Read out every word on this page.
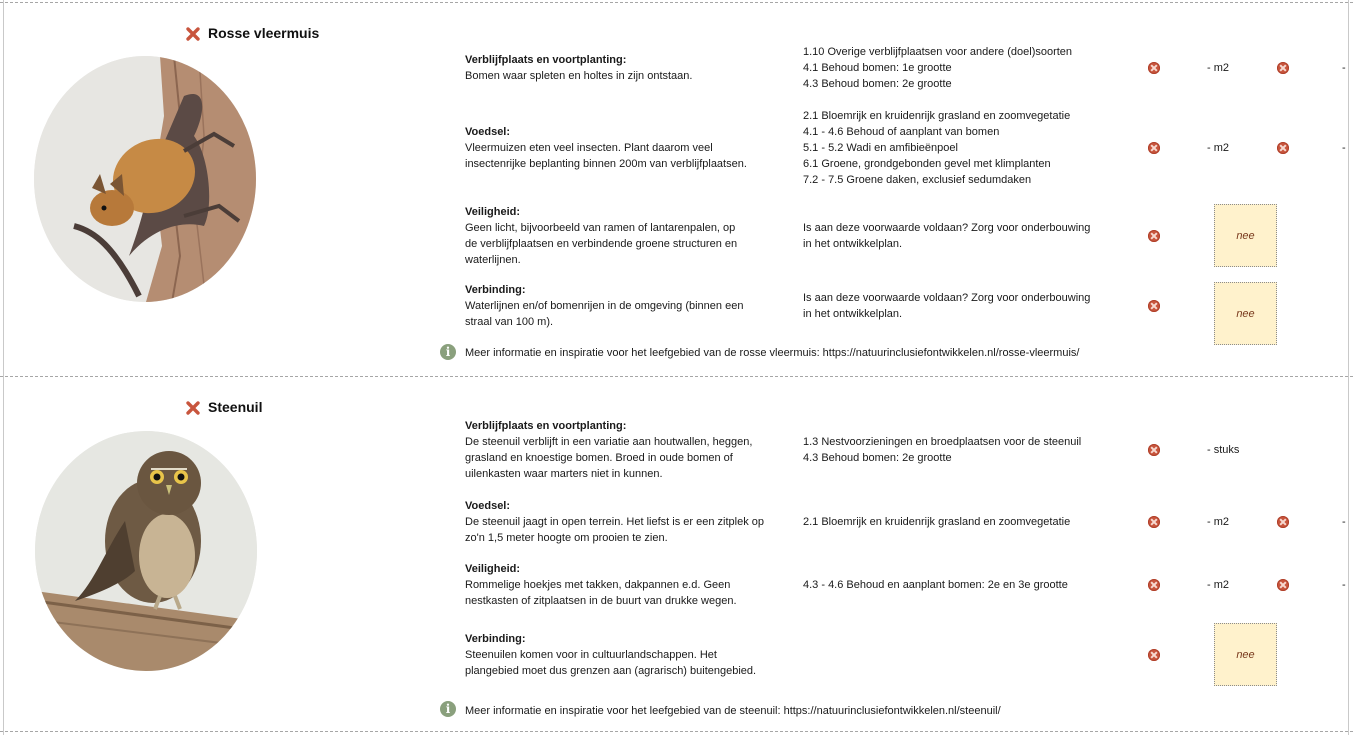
Rosse vleermuis
Verblijfplaats en voortplanting:
Bomen waar spleten en holtes in zijn ontstaan.
1.10 Overige verblijfplaatsen voor andere (doel)soorten
4.1 Behoud bomen: 1e grootte
4.3 Behoud bomen: 2e grootte
- m2	-
Voedsel:
Vleermuizen eten veel insecten. Plant daarom veel
insectenrijke beplanting binnen 200m van verblijfplaatsen.
2.1 Bloemrijk en kruidenrijk grasland en zoomvegetatie
4.1 - 4.6 Behoud of aanplant van bomen
5.1 - 5.2 Wadi en amfibieënpoel
6.1 Groene, grondgebonden gevel met klimplanten
7.2 - 7.5 Groene daken, exclusief sedumdaken
- m2	-
Veiligheid:
Geen licht, bijvoorbeeld van ramen of lantarenpalen, op
de verblijfplaatsen en verbindende groene structuren en
waterlijnen.
Is aan deze voorwaarde voldaan? Zorg voor onderbouwing
in het ontwikkelplan.
nee
Verbinding:
Waterlijnen en/of bomenrijen in de omgeving (binnen een
straal van 100 m).
Is aan deze voorwaarde voldaan? Zorg voor onderbouwing
in het ontwikkelplan.	nee
i	Meer informatie en inspiratie voor het leefgebied van de rosse vleermuis: https://natuurinclusiefontwikkelen.nl/rosse-vleermuis/
Steenuil
Verblijfplaats en voortplanting:
De steenuil verblijft in een variatie aan houtwallen, heggen,
grasland en knoestige bomen. Broed in oude bomen of
uilenkasten waar marters niet in kunnen.
1.3 Nestvoorzieningen en broedplaatsen voor de steenuil
4.3 Behoud bomen: 2e grootte
- stuks
Voedsel:
De steenuil jaagt in open terrein. Het liefst is er een zitplek op
zo'n 1,5 meter hoogte om prooien te zien.
2.1 Bloemrijk en kruidenrijk grasland en zoomvegetatie	- m2	-
Veiligheid:
Rommelige hoekjes met takken, dakpannen e.d. Geen
nestkasten of zitplaatsen in de buurt van drukke wegen.
4.3 - 4.6 Behoud en aanplant bomen: 2e en 3e grootte	- m2	-
Verbinding:
Steenuilen komen voor in cultuurlandschappen. Het
plangebied moet dus grenzen aan (agrarisch) buitengebied.
nee
i	Meer informatie en inspiratie voor het leefgebied van de steenuil: https://natuurinclusiefontwikkelen.nl/steenuil/
